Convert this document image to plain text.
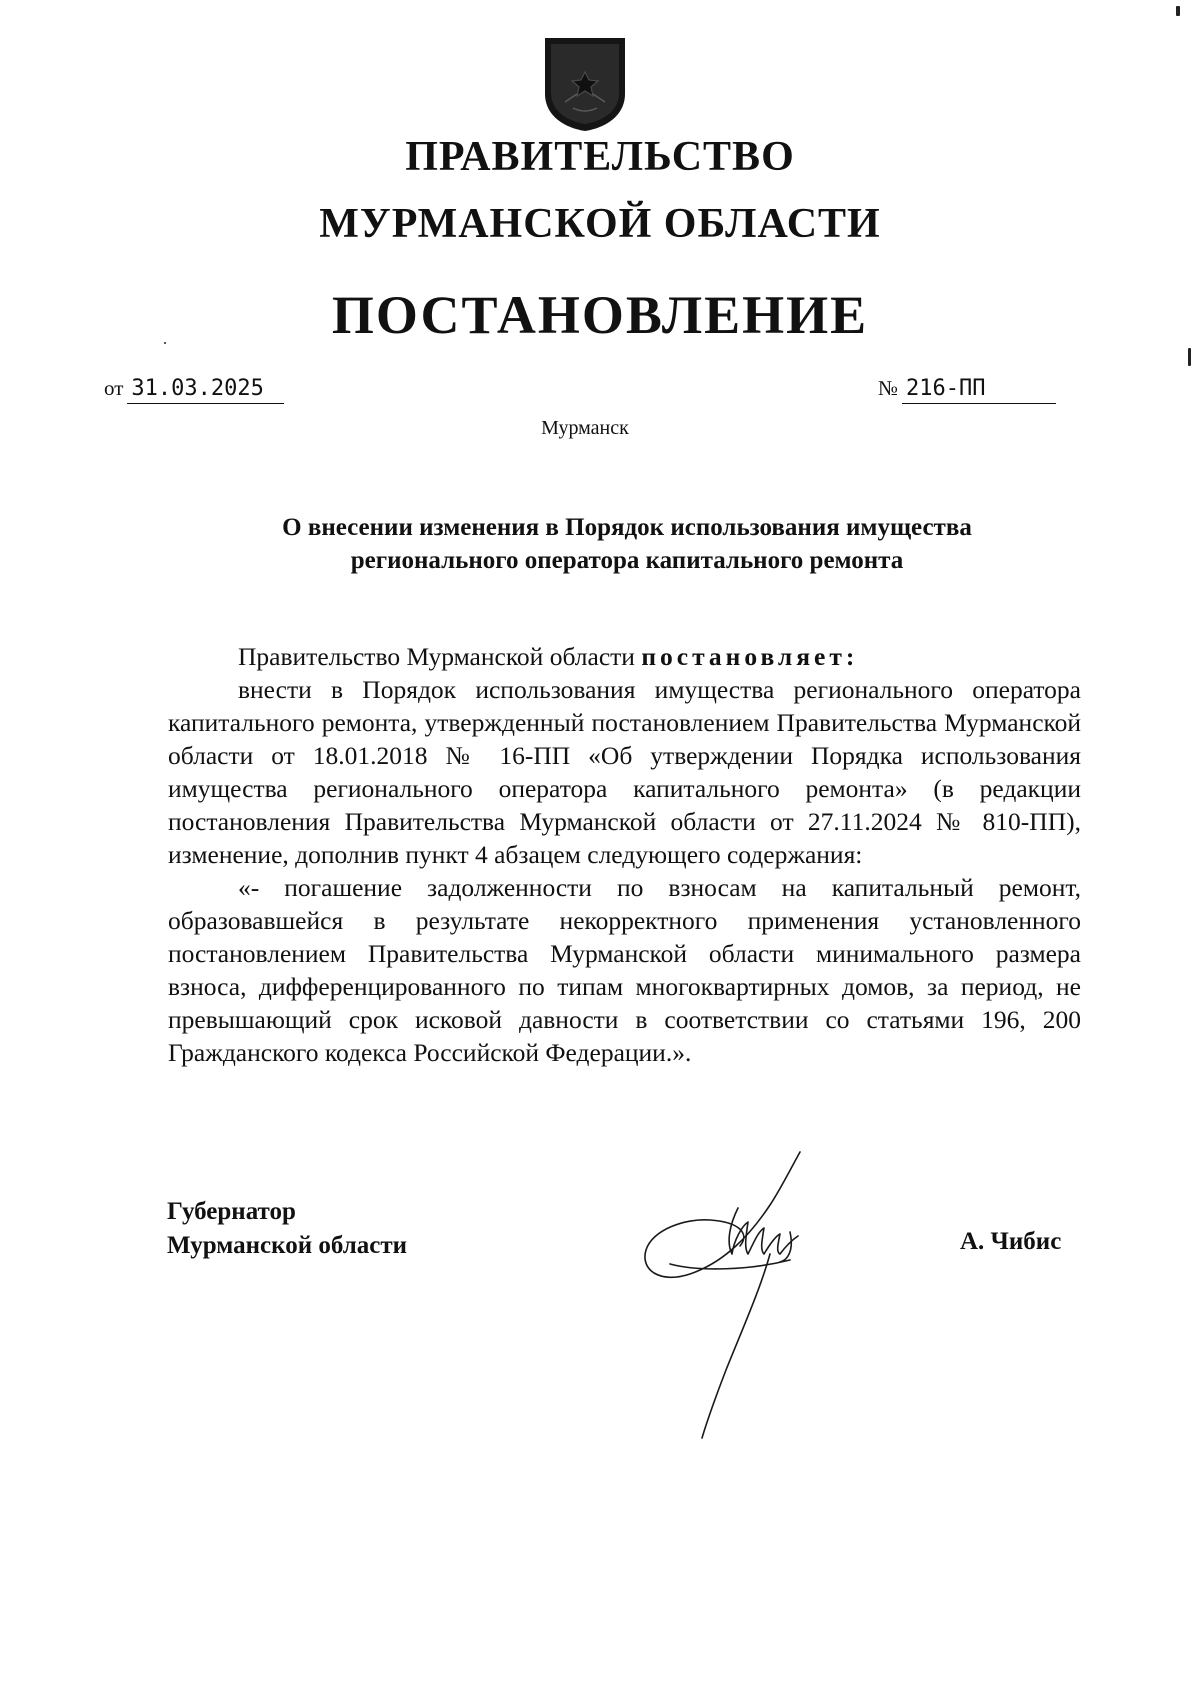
ПРАВИТЕЛЬСТВО
МУРМАНСКОЙ ОБЛАСТИ
ПОСТАНОВЛЕНИЕ
от 31.03.2025	№ 216-ПП
Мурманск
О внесении изменения в Порядок использования имущества
регионального оператора капитального ремонта

Правительство Мурманской области постановляет:

внести в Порядок использования имущества регионального оператора капитального ремонта, утвержденный постановлением Правительства Мурманской области от 18.01.2018 № 16-ПП «Об утверждении Порядка использования имущества регионального оператора капитального ремонта» (в редакции постановления Правительства Мурманской области от 27.11.2024 № 810-ПП), изменение, дополнив пункт 4 абзацем следующего содержания:

«- погашение задолженности по взносам на капитальный ремонт, образовавшейся в результате некорректного применения установленного постановлением Правительства Мурманской области минимального размера взноса, дифференцированного по типам многоквартирных домов, за период, не превышающий срок исковой давности в соответствии со статьями 196, 200 Гражданского кодекса Российской Федерации.».

Губернатор
Мурманской области	А. Чибис
